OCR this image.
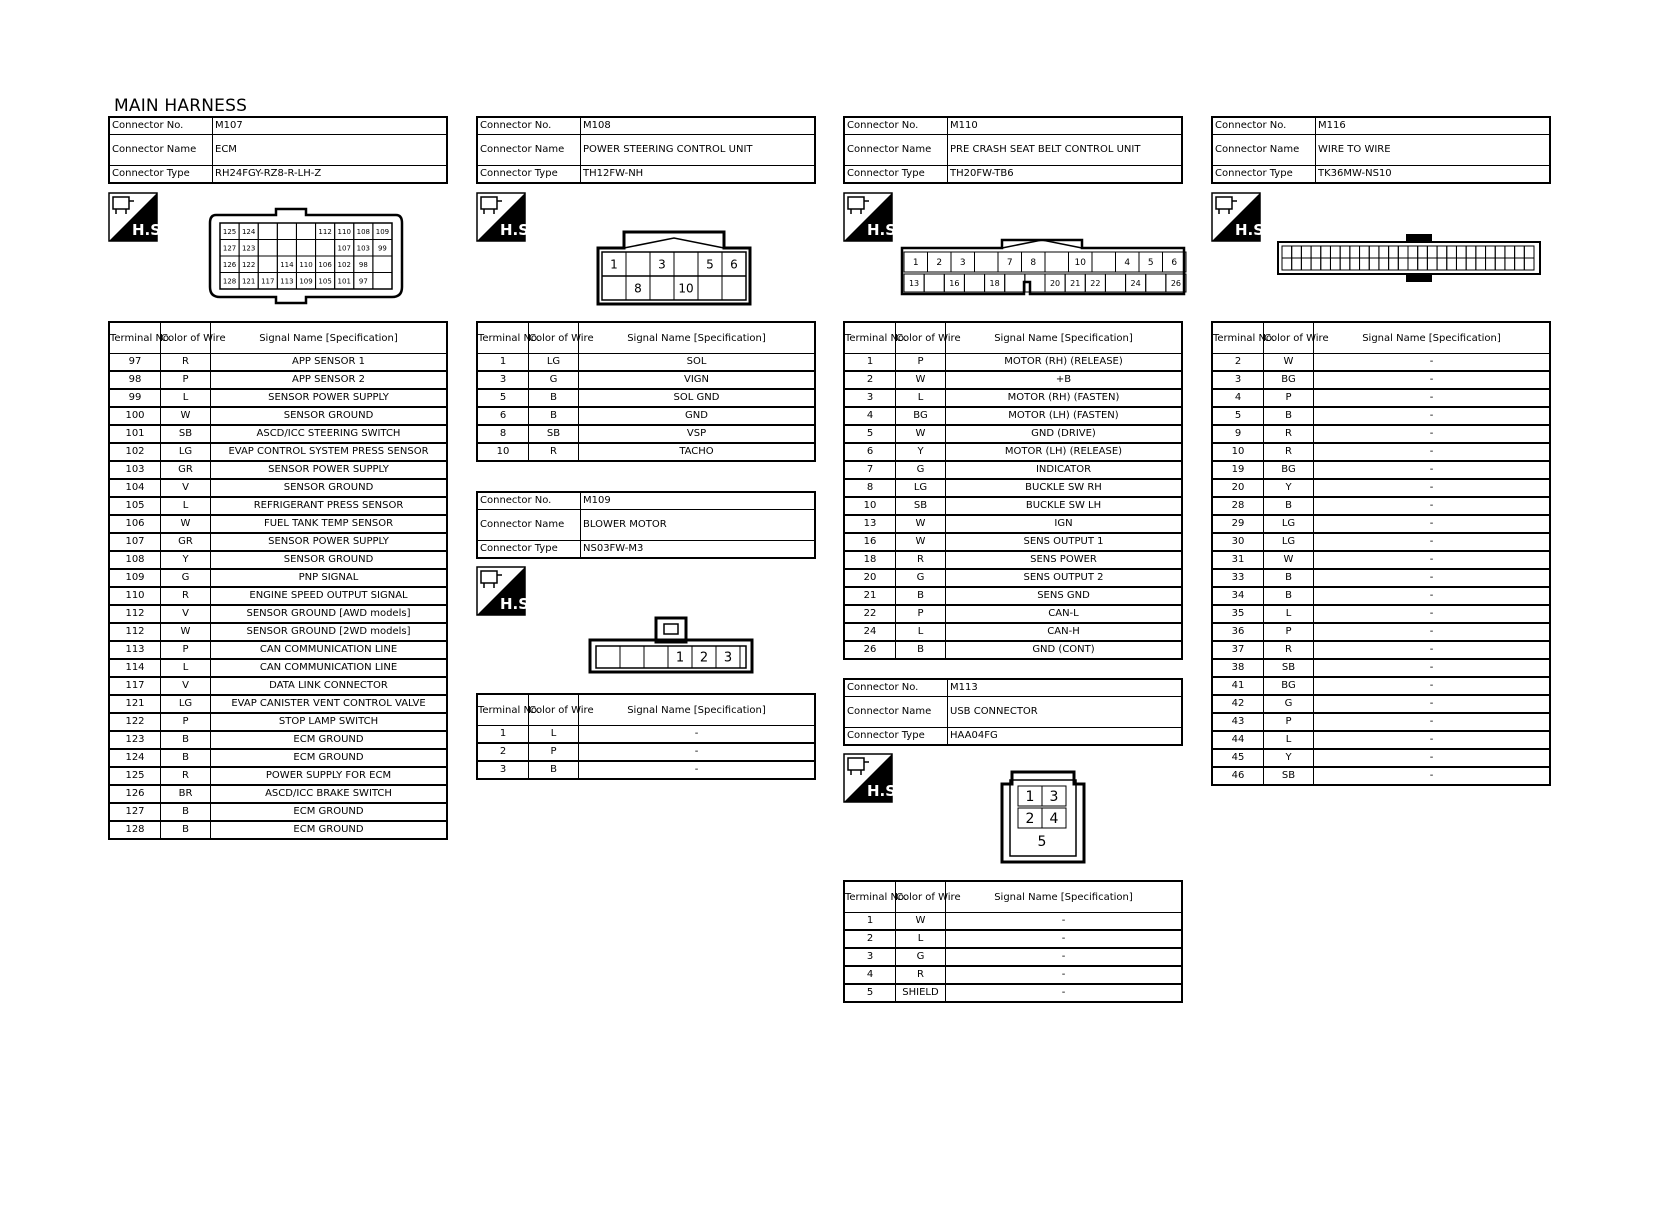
MAIN HARNESS
Connector No.	M107
Connector Name	ECM
Connector Type	RH24FGY-RZ8-R-LH-Z
H.S.	125 124	112 110 108 109
127 123	107 103 99
126 122	114 110 106 102 98
128 121 117 113 109 105 101 97
Terminal No.	Color of Wire	Signal Name [Specification]
97	R	APP SENSOR 1
98	P	APP SENSOR 2
99	L	SENSOR POWER SUPPLY
100	W	SENSOR GROUND
101	SB	ASCD/ICC STEERING SWITCH
102	LG	EVAP CONTROL SYSTEM PRESS SENSOR
103	GR	SENSOR POWER SUPPLY
104	V	SENSOR GROUND
105	L	REFRIGERANT PRESS SENSOR
106	W	FUEL TANK TEMP SENSOR
107	GR	SENSOR POWER SUPPLY
108	Y	SENSOR GROUND
109	G	PNP SIGNAL
110	R	ENGINE SPEED OUTPUT SIGNAL
112	V	SENSOR GROUND [AWD models]
112	W	SENSOR GROUND [2WD models]
113	P	CAN COMMUNICATION LINE
114	L	CAN COMMUNICATION LINE
117	V	DATA LINK CONNECTOR
121	LG	EVAP CANISTER VENT CONTROL VALVE
122	P	STOP LAMP SWITCH
123	B	ECM GROUND
124	B	ECM GROUND
125	R	POWER SUPPLY FOR ECM
126	BR	ASCD/ICC BRAKE SWITCH
127	B	ECM GROUND
128	B	ECM GROUND
Connector No.	M108
Connector Name	POWER STEERING CONTROL UNIT
Connector Type	TH12FW-NH
H.S.
1	3	5 6
8	10
Terminal No.	Color of Wire	Signal Name [Specification]
1	LG	SOL
3	G	VIGN
5	B	SOL GND
6	B	GND
8	SB	VSP
10	R	TACHO
Connector No.	M109
Connector Name	BLOWER MOTOR
Connector Type	NS03FW-M3
H.S.
1 2 3
Terminal No.	Color of Wire	Signal Name [Specification]
1	L	-
2	P	-
3	B	-
Connector No.	M110
Connector Name	PRE CRASH SEAT BELT CONTROL UNIT
Connector Type	TH20FW-TB6
H.S.
1 2 3	7 8	10	4 5 6
13	16	18	20 21 22	24	26
Terminal No.	Color of Wire	Signal Name [Specification]
1	P	MOTOR (RH) (RELEASE)
2	W	+B
3	L	MOTOR (RH) (FASTEN)
4	BG	MOTOR (LH) (FASTEN)
5	W	GND (DRIVE)
6	Y	MOTOR (LH) (RELEASE)
7	G	INDICATOR
8	LG	BUCKLE SW RH
10	SB	BUCKLE SW LH
13	W	IGN
16	W	SENS OUTPUT 1
18	R	SENS POWER
20	G	SENS OUTPUT 2
21	B	SENS GND
22	P	CAN-L
24	L	CAN-H
26	B	GND (CONT)
Connector No.	M113
Connector Name	USB CONNECTOR
Connector Type	HAA04FG
H.S.	1 3
2 4
5
Terminal No.	Color of Wire	Signal Name [Specification]
1	W	-
2	L	-
3	G	-
4	R	-
5	SHIELD	-
Connector No.	M116
Connector Name	WIRE TO WIRE
Connector Type	TK36MW-NS10
H.S.
Terminal No.	Color of Wire	Signal Name [Specification]
2	W	-
3	BG	-
4	P	-
5	B	-
9	R	-
10	R	-
19	BG	-
20	Y	-
28	B	-
29	LG	-
30	LG	-
31	W	-
33	B	-
34	B	-
35	L	-
36	P	-
37	R	-
38	SB	-
41	BG	-
42	G	-
43	P	-
44	L	-
45	Y	-
46	SB	-
